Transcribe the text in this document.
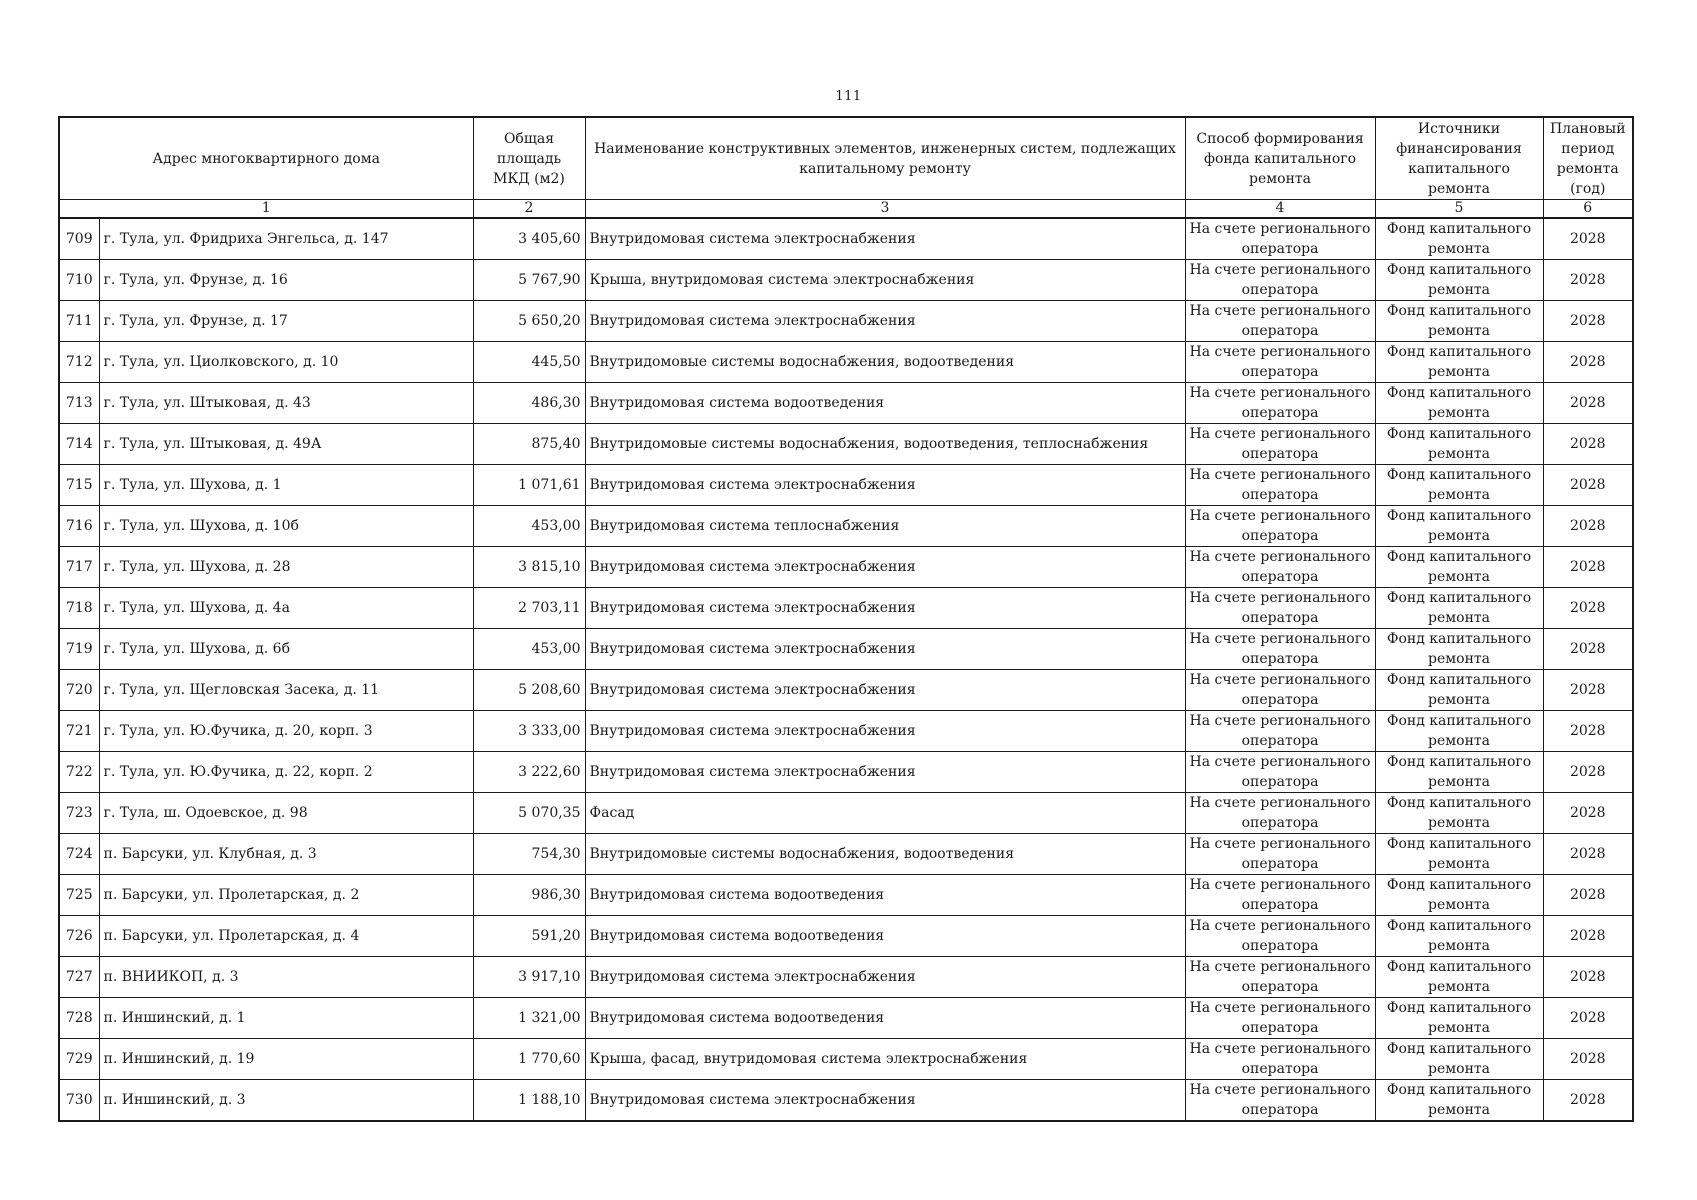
111
Адрес многоквартирного дома		Общая площадь МКД (м2)	Наименование конструктивных элементов, инженерных систем, подлежащих капитальному ремонту	Способ формирования фонда капитального ремонта	Источники финансирования капитального ремонта	Плановый период ремонта (год)
1		2	3	4	5	6
709	г. Тула, ул. Фридриха Энгельса, д. 147	3 405,60	Внутридомовая система электроснабжения	На счете регионального оператора	Фонд капитального ремонта	2028
710	г. Тула, ул. Фрунзе, д. 16	5 767,90	Крыша, внутридомовая система электроснабжения	На счете регионального оператора	Фонд капитального ремонта	2028
711	г. Тула, ул. Фрунзе, д. 17	5 650,20	Внутридомовая система электроснабжения	На счете регионального оператора	Фонд капитального ремонта	2028
712	г. Тула, ул. Циолковского, д. 10	445,50	Внутридомовые системы водоснабжения, водоотведения	На счете регионального оператора	Фонд капитального ремонта	2028
713	г. Тула, ул. Штыковая, д. 43	486,30	Внутридомовая система водоотведения	На счете регионального оператора	Фонд капитального ремонта	2028
714	г. Тула, ул. Штыковая, д. 49А	875,40	Внутридомовые системы водоснабжения, водоотведения, теплоснабжения	На счете регионального оператора	Фонд капитального ремонта	2028
715	г. Тула, ул. Шухова, д. 1	1 071,61	Внутридомовая система электроснабжения	На счете регионального оператора	Фонд капитального ремонта	2028
716	г. Тула, ул. Шухова, д. 10б	453,00	Внутридомовая система теплоснабжения	На счете регионального оператора	Фонд капитального ремонта	2028
717	г. Тула, ул. Шухова, д. 28	3 815,10	Внутридомовая система электроснабжения	На счете регионального оператора	Фонд капитального ремонта	2028
718	г. Тула, ул. Шухова, д. 4а	2 703,11	Внутридомовая система электроснабжения	На счете регионального оператора	Фонд капитального ремонта	2028
719	г. Тула, ул. Шухова, д. 6б	453,00	Внутридомовая система электроснабжения	На счете регионального оператора	Фонд капитального ремонта	2028
720	г. Тула, ул. Щегловская Засека, д. 11	5 208,60	Внутридомовая система электроснабжения	На счете регионального оператора	Фонд капитального ремонта	2028
721	г. Тула, ул. Ю.Фучика, д. 20, корп. 3	3 333,00	Внутридомовая система электроснабжения	На счете регионального оператора	Фонд капитального ремонта	2028
722	г. Тула, ул. Ю.Фучика, д. 22, корп. 2	3 222,60	Внутридомовая система электроснабжения	На счете регионального оператора	Фонд капитального ремонта	2028
723	г. Тула, ш. Одоевское, д. 98	5 070,35	Фасад	На счете регионального оператора	Фонд капитального ремонта	2028
724	п. Барсуки, ул. Клубная, д. 3	754,30	Внутридомовые системы водоснабжения, водоотведения	На счете регионального оператора	Фонд капитального ремонта	2028
725	п. Барсуки, ул. Пролетарская, д. 2	986,30	Внутридомовая система водоотведения	На счете регионального оператора	Фонд капитального ремонта	2028
726	п. Барсуки, ул. Пролетарская, д. 4	591,20	Внутридомовая система водоотведения	На счете регионального оператора	Фонд капитального ремонта	2028
727	п. ВНИИКОП, д. 3	3 917,10	Внутридомовая система электроснабжения	На счете регионального оператора	Фонд капитального ремонта	2028
728	п. Иншинский, д. 1	1 321,00	Внутридомовая система водоотведения	На счете регионального оператора	Фонд капитального ремонта	2028
729	п. Иншинский, д. 19	1 770,60	Крыша, фасад, внутридомовая система электроснабжения	На счете регионального оператора	Фонд капитального ремонта	2028
730	п. Иншинский, д. 3	1 188,10	Внутридомовая система электроснабжения	На счете регионального оператора	Фонд капитального ремонта	2028
